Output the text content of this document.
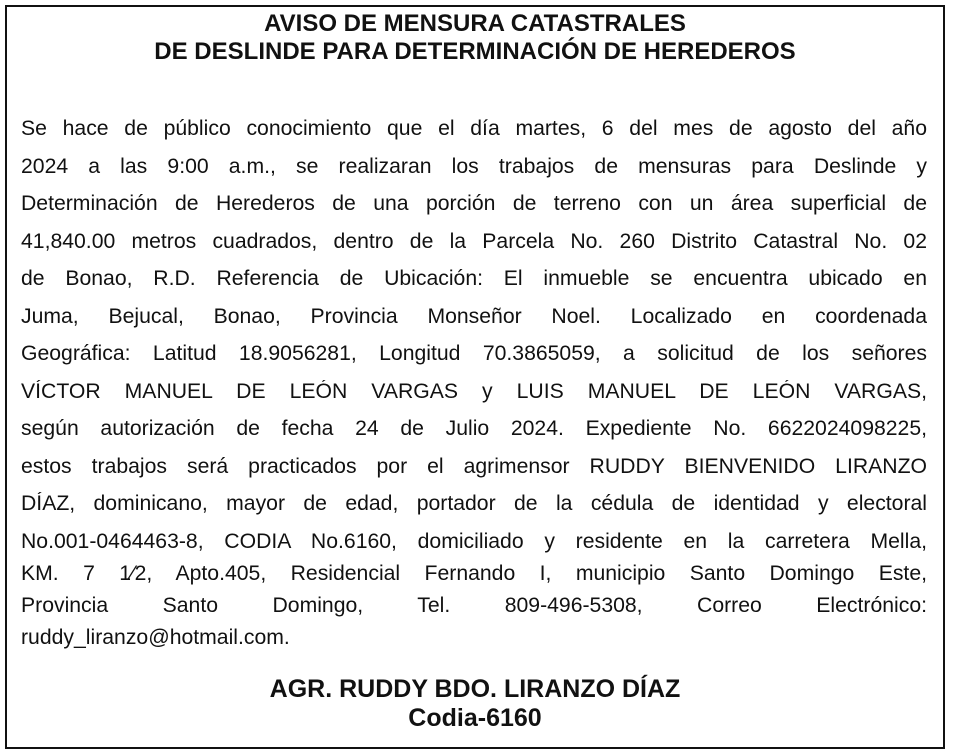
AVISO DE MENSURA CATASTRALES
DE DESLINDE PARA DETERMINACIÓN DE HEREDEROS
Se hace de público conocimiento que el día martes, 6 del mes de agosto del año
2024 a las 9:00 a.m., se realizaran los trabajos de mensuras para Deslinde y
Determinación de Herederos de una porción de terreno con un área superficial de
41,840.00 metros cuadrados, dentro de la Parcela No. 260 Distrito Catastral No. 02
de Bonao, R.D. Referencia de Ubicación: El inmueble se encuentra ubicado en
Juma, Bejucal, Bonao, Provincia Monseñor Noel. Localizado en coordenada
Geográfica: Latitud 18.9056281, Longitud 70.3865059, a solicitud de los señores
VÍCTOR MANUEL DE LEÓN VARGAS y LUIS MANUEL DE LEÓN VARGAS,
según autorización de fecha 24 de Julio 2024. Expediente No. 6622024098225,
estos trabajos será practicados por el agrimensor RUDDY BIENVENIDO LIRANZO
DÍAZ, dominicano, mayor de edad, portador de la cédula de identidad y electoral
No.001-0464463-8, CODIA No.6160, domiciliado y residente en la carretera Mella,
KM. 7 1⁄2, Apto.405, Residencial Fernando I, municipio Santo Domingo Este,
Provincia Santo Domingo, Tel. 809-496-5308, Correo Electrónico:
ruddy_liranzo@hotmail.com.
AGR. RUDDY BDO. LIRANZO DÍAZ
Codia-6160
